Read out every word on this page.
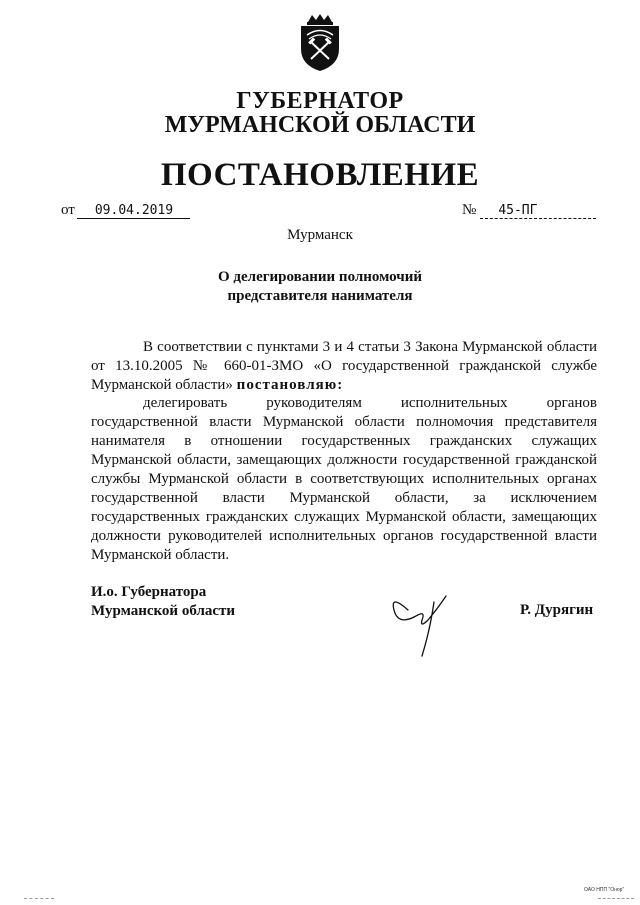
ГУБЕРНАТОР
МУРМАНСКОЙ ОБЛАСТИ
ПОСТАНОВЛЕНИЕ
от	09.04.2019	№	45-ПГ
Мурманск
О делегировании полномочий
представителя нанимателя
В соответствии с пунктами 3 и 4 статьи 3 Закона Мурманской области от 13.10.2005 № 660-01-ЗМО «О государственной гражданской службе Мурманской области» постановляю:
делегировать руководителям исполнительных органов государственной власти Мурманской области полномочия представителя нанимателя в отношении государственных гражданских служащих Мурманской области, замещающих должности государственной гражданской службы Мурманской области в соответствующих исполнительных органах государственной власти Мурманской области, за исключением государственных гражданских служащих Мурманской области, замещающих должности руководителей исполнительных органов государственной власти Мурманской области.
И.о. Губернатора
Мурманской области	Р. Дурягин
ОАО НПП "Онор"
